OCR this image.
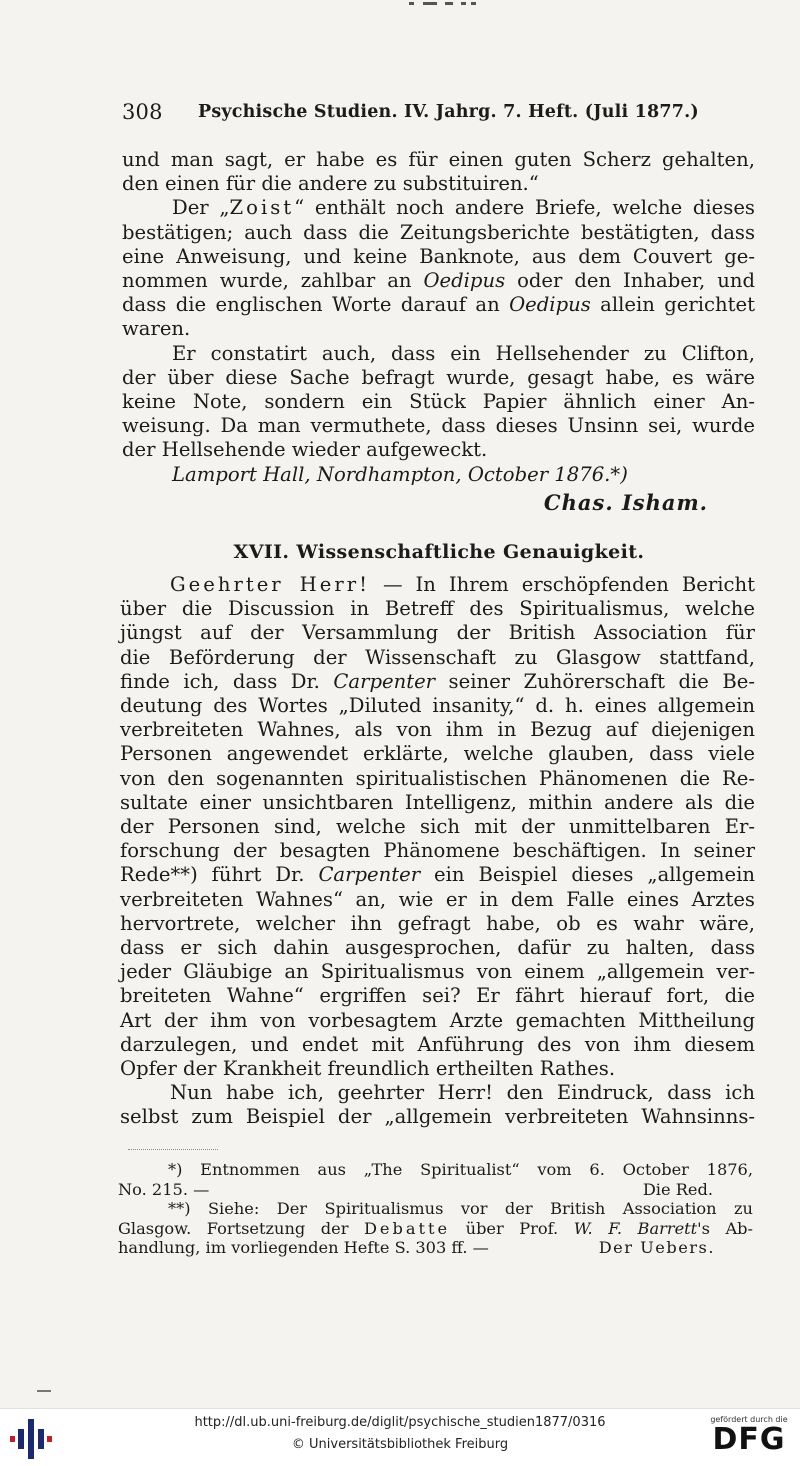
308 Psychische Studien. IV. Jahrg. 7. Heft. (Juli 1877.)
und man sagt, er habe es für einen guten Scherz gehalten,
den einen für die andere zu substituiren.“
Der „Zoist“ enthält noch andere Briefe, welche dieses
bestätigen; auch dass die Zeitungsberichte bestätigten, dass
eine Anweisung, und keine Banknote, aus dem Couvert ge-
nommen wurde, zahlbar an Oedipus oder den Inhaber, und
dass die englischen Worte darauf an Oedipus allein gerichtet
waren.
Er constatirt auch, dass ein Hellsehender zu Clifton,
der über diese Sache befragt wurde, gesagt habe, es wäre
keine Note, sondern ein Stück Papier ähnlich einer An-
weisung. Da man vermuthete, dass dieses Unsinn sei, wurde
der Hellsehende wieder aufgeweckt.
Lamport Hall, Nordhampton, October 1876.*)
Chas. Isham.
XVII. Wissenschaftliche Genauigkeit.
Geehrter Herr! — In Ihrem erschöpfenden Bericht
über die Discussion in Betreff des Spiritualismus, welche
jüngst auf der Versammlung der British Association für
die Beförderung der Wissenschaft zu Glasgow stattfand,
finde ich, dass Dr. Carpenter seiner Zuhörerschaft die Be-
deutung des Wortes „Diluted insanity,“ d. h. eines allgemein
verbreiteten Wahnes, als von ihm in Bezug auf diejenigen
Personen angewendet erklärte, welche glauben, dass viele
von den sogenannten spiritualistischen Phänomenen die Re-
sultate einer unsichtbaren Intelligenz, mithin andere als die
der Personen sind, welche sich mit der unmittelbaren Er-
forschung der besagten Phänomene beschäftigen. In seiner
Rede**) führt Dr. Carpenter ein Beispiel dieses „allgemein
verbreiteten Wahnes“ an, wie er in dem Falle eines Arztes
hervortrete, welcher ihn gefragt habe, ob es wahr wäre,
dass er sich dahin ausgesprochen, dafür zu halten, dass
jeder Gläubige an Spiritualismus von einem „allgemein ver-
breiteten Wahne“ ergriffen sei? Er fährt hierauf fort, die
Art der ihm von vorbesagtem Arzte gemachten Mittheilung
darzulegen, und endet mit Anführung des von ihm diesem
Opfer der Krankheit freundlich ertheilten Rathes.
Nun habe ich, geehrter Herr! den Eindruck, dass ich
selbst zum Beispiel der „allgemein verbreiteten Wahnsinns-
*) Entnommen aus „The Spiritualist“ vom 6. October 1876,
No. 215. —	Die Red.
**) Siehe: Der Spiritualismus vor der British Association zu
Glasgow. Fortsetzung der Debatte über Prof. W. F. Barrett's Ab-
handlung, im vorliegenden Hefte S. 303 ff. —	Der Uebers.
http://dl.ub.uni-freiburg.de/diglit/psychische_studien1877/0316
© Universitätsbibliothek Freiburg
gefördert durch die
DFG
